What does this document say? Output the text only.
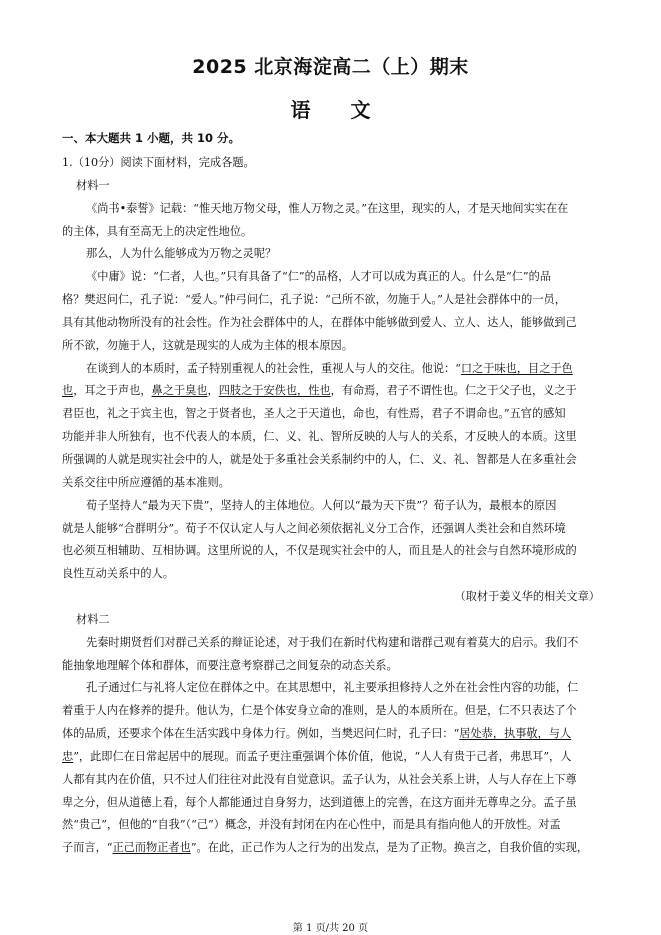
2025 北京海淀高二（上）期末
语　　文
一、本大题共 1 小题，共 10 分。
1.（10分）阅读下面材料，完成各题。
材料一
《尚书•泰誓》记载：“惟天地万物父母，惟人万物之灵。”在这里，现实的人，才是天地间实实在在
的主体，具有至高无上的决定性地位。
那么，人为什么能够成为万物之灵呢？
《中庸》说：“仁者，人也。”只有具备了“仁”的品格，人才可以成为真正的人。什么是“仁”的品
格？樊迟问仁，孔子说：“爱人。”仲弓问仁，孔子说：“己所不欲，勿施于人。”人是社会群体中的一员，
具有其他动物所没有的社会性。作为社会群体中的人，在群体中能够做到爱人、立人、达人，能够做到己
所不欲，勿施于人，这就是现实的人成为主体的根本原因。
在谈到人的本质时，孟子特别重视人的社会性，重视人与人的交往。他说：“口之于味也，目之于色
也，耳之于声也，鼻之于臭也，四肢之于安佚也，性也，有命焉，君子不谓性也。仁之于父子也，义之于
君臣也，礼之于宾主也，智之于贤者也，圣人之于天道也，命也，有性焉，君子不谓命也。”五官的感知
功能并非人所独有，也不代表人的本质，仁、义、礼、智所反映的人与人的关系，才反映人的本质。这里
所强调的人就是现实社会中的人，就是处于多重社会关系制约中的人，仁、义、礼、智都是人在多重社会
关系交往中所应遵循的基本准则。
荀子坚持人“最为天下贵”，坚持人的主体地位。人何以“最为天下贵”？荀子认为，最根本的原因
就是人能够“合群明分”。荀子不仅认定人与人之间必须依据礼义分工合作，还强调人类社会和自然环境
也必须互相辅助、互相协调。这里所说的人，不仅是现实社会中的人，而且是人的社会与自然环境形成的
良性互动关系中的人。
（取材于姜义华的相关文章）
材料二
先秦时期贤哲们对群己关系的辩证论述，对于我们在新时代构建和谐群己观有着莫大的启示。我们不
能抽象地理解个体和群体，而要注意考察群己之间复杂的动态关系。
孔子通过仁与礼将人定位在群体之中。在其思想中，礼主要承担修持人之外在社会性内容的功能，仁
着重于人内在修养的提升。他认为，仁是个体安身立命的准则，是人的本质所在。但是，仁不只表达了个
体的品质，还要求个体在生活实践中身体力行。例如，当樊迟问仁时，孔子曰：“居处恭，执事敬，与人
忠”，此即仁在日常起居中的展现。而孟子更注重强调个体价值，他说，“人人有贵于己者，弗思耳”，人
人都有其内在价值，只不过人们往往对此没有自觉意识。孟子认为，从社会关系上讲，人与人存在上下尊
卑之分，但从道德上看，每个人都能通过自身努力，达到道德上的完善，在这方面并无尊卑之分。孟子虽
然“贵己”，但他的“自我”（“己”）概念，并没有封闭在内在心性中，而是具有指向他人的开放性。对孟
子而言，“正己而物正者也”。在此，正己作为人之行为的出发点，是为了正物。换言之，自我价值的实现，
第 1 页/共 20 页
